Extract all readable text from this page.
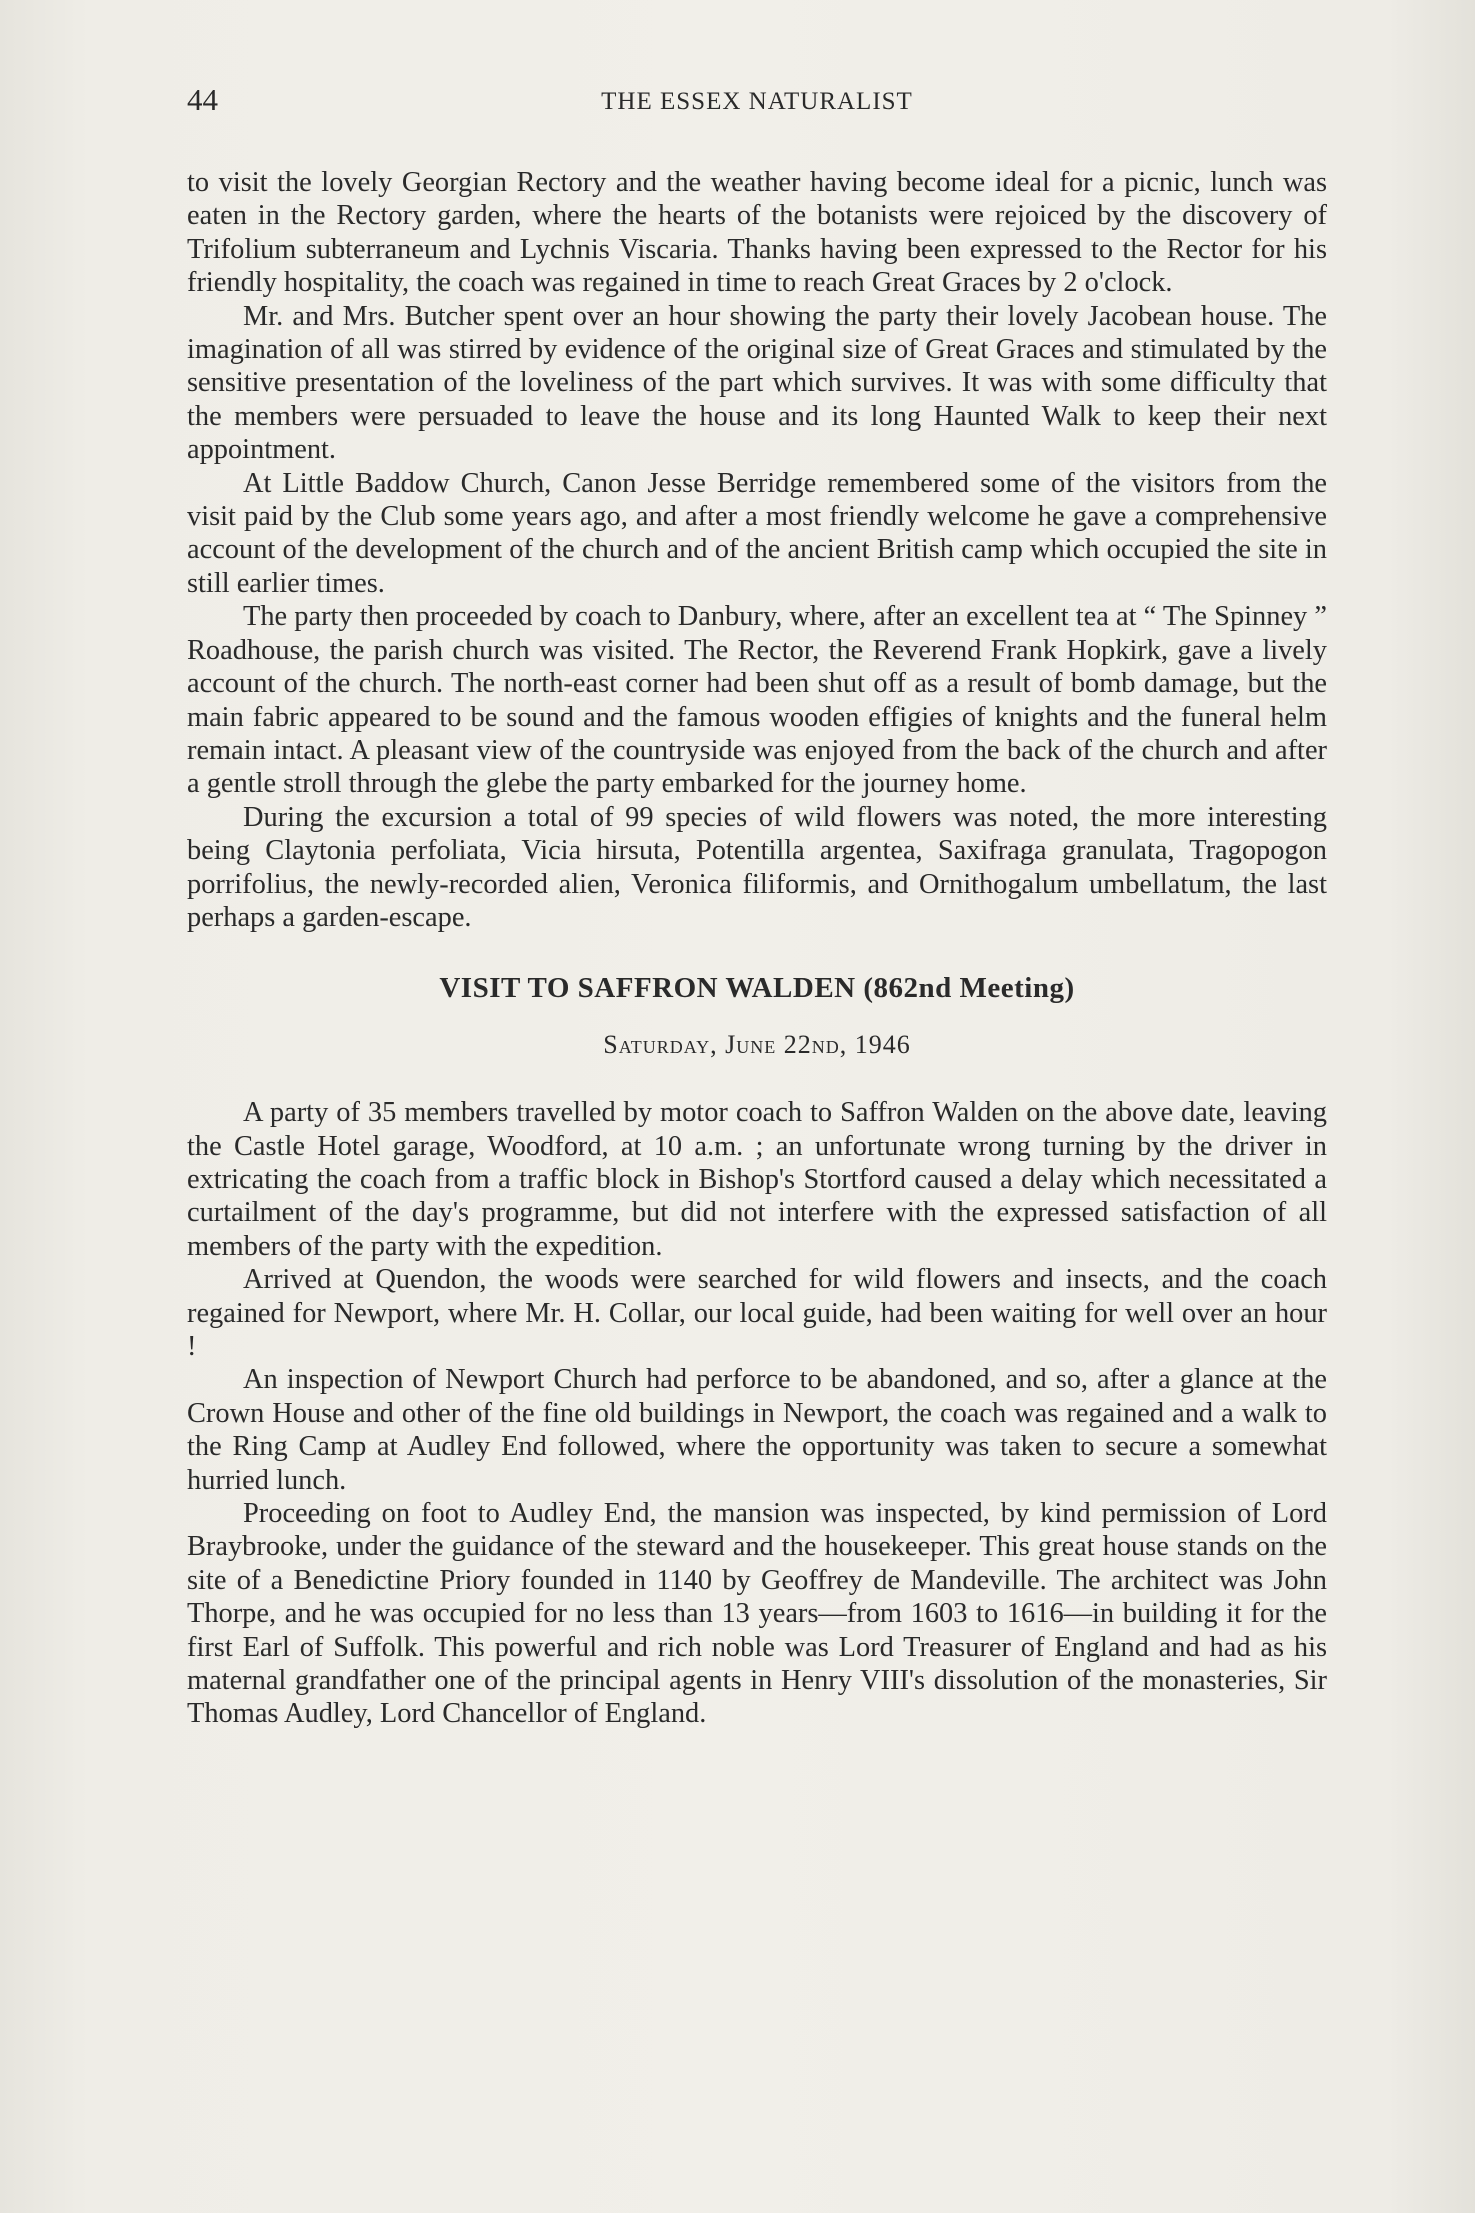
44	THE ESSEX NATURALIST

to visit the lovely Georgian Rectory and the weather having become ideal for a picnic, lunch was eaten in the Rectory garden, where the hearts of the botanists were rejoiced by the discovery of Trifolium subterraneum and Lychnis Viscaria. Thanks having been expressed to the Rector for his friendly hospitality, the coach was regained in time to reach Great Graces by 2 o'clock.

Mr. and Mrs. Butcher spent over an hour showing the party their lovely Jacobean house. The imagination of all was stirred by evidence of the original size of Great Graces and stimulated by the sensitive presentation of the loveliness of the part which survives. It was with some difficulty that the members were persuaded to leave the house and its long Haunted Walk to keep their next appointment.

At Little Baddow Church, Canon Jesse Berridge remembered some of the visitors from the visit paid by the Club some years ago, and after a most friendly welcome he gave a comprehensive account of the development of the church and of the ancient British camp which occupied the site in still earlier times.

The party then proceeded by coach to Danbury, where, after an excellent tea at “ The Spinney ” Roadhouse, the parish church was visited. The Rector, the Reverend Frank Hopkirk, gave a lively account of the church. The north-east corner had been shut off as a result of bomb damage, but the main fabric appeared to be sound and the famous wooden effigies of knights and the funeral helm remain intact. A pleasant view of the countryside was enjoyed from the back of the church and after a gentle stroll through the glebe the party embarked for the journey home.

During the excursion a total of 99 species of wild flowers was noted, the more interesting being Claytonia perfoliata, Vicia hirsuta, Potentilla argentea, Saxifraga granulata, Tragopogon porrifolius, the newly-recorded alien, Veronica filiformis, and Ornithogalum umbellatum, the last perhaps a garden-escape.

VISIT TO SAFFRON WALDEN (862nd Meeting)
Saturday, June 22nd, 1946

A party of 35 members travelled by motor coach to Saffron Walden on the above date, leaving the Castle Hotel garage, Woodford, at 10 a.m. ; an unfortunate wrong turning by the driver in extricating the coach from a traffic block in Bishop's Stortford caused a delay which necessitated a curtailment of the day's programme, but did not interfere with the expressed satisfaction of all members of the party with the expedition.

Arrived at Quendon, the woods were searched for wild flowers and insects, and the coach regained for Newport, where Mr. H. Collar, our local guide, had been waiting for well over an hour !

An inspection of Newport Church had perforce to be abandoned, and so, after a glance at the Crown House and other of the fine old buildings in Newport, the coach was regained and a walk to the Ring Camp at Audley End followed, where the opportunity was taken to secure a somewhat hurried lunch.

Proceeding on foot to Audley End, the mansion was inspected, by kind permission of Lord Braybrooke, under the guidance of the steward and the housekeeper. This great house stands on the site of a Benedictine Priory founded in 1140 by Geoffrey de Mandeville. The architect was John Thorpe, and he was occupied for no less than 13 years—from 1603 to 1616—in building it for the first Earl of Suffolk. This powerful and rich noble was Lord Treasurer of England and had as his maternal grandfather one of the principal agents in Henry VIII's dissolution of the monasteries, Sir Thomas Audley, Lord Chancellor of England.
